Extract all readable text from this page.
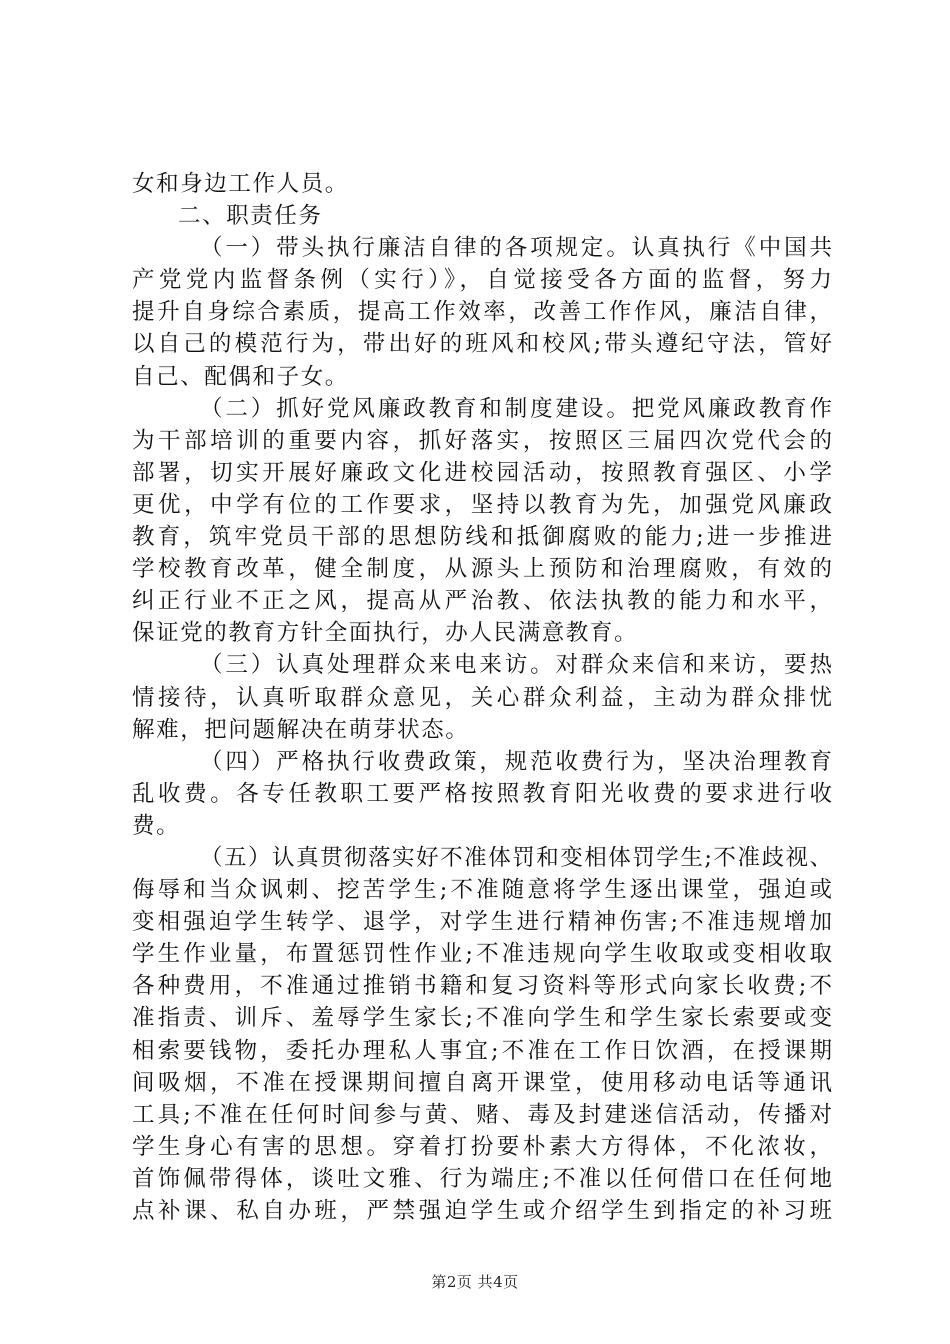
女和身边工作人员。
二、职责任务
（一）带头执行廉洁自律的各项规定。认真执行《中国共
产党党内监督条例（实行）》，自觉接受各方面的监督，努力
提升自身综合素质，提高工作效率，改善工作作风，廉洁自律，
以自己的模范行为，带出好的班风和校风;带头遵纪守法，管好
自己、配偶和子女。
（二）抓好党风廉政教育和制度建设。把党风廉政教育作
为干部培训的重要内容，抓好落实，按照区三届四次党代会的
部署，切实开展好廉政文化进校园活动，按照教育强区、小学
更优，中学有位的工作要求，坚持以教育为先，加强党风廉政
教育，筑牢党员干部的思想防线和抵御腐败的能力;进一步推进
学校教育改革，健全制度，从源头上预防和治理腐败，有效的
纠正行业不正之风，提高从严治教、依法执教的能力和水平，
保证党的教育方针全面执行，办人民满意教育。
（三）认真处理群众来电来访。对群众来信和来访，要热
情接待，认真听取群众意见，关心群众利益，主动为群众排忧
解难，把问题解决在萌芽状态。
（四）严格执行收费政策，规范收费行为，坚决治理教育
乱收费。各专任教职工要严格按照教育阳光收费的要求进行收
费。
（五）认真贯彻落实好不准体罚和变相体罚学生;不准歧视、
侮辱和当众讽刺、挖苦学生;不准随意将学生逐出课堂，强迫或
变相强迫学生转学、退学，对学生进行精神伤害;不准违规增加
学生作业量，布置惩罚性作业;不准违规向学生收取或变相收取
各种费用，不准通过推销书籍和复习资料等形式向家长收费;不
准指责、训斥、羞辱学生家长;不准向学生和学生家长索要或变
相索要钱物，委托办理私人事宜;不准在工作日饮酒，在授课期
间吸烟，不准在授课期间擅自离开课堂，使用移动电话等通讯
工具;不准在任何时间参与黄、赌、毒及封建迷信活动，传播对
学生身心有害的思想。穿着打扮要朴素大方得体，不化浓妆，
首饰佩带得体，谈吐文雅、行为端庄;不准以任何借口在任何地
点补课、私自办班，严禁强迫学生或介绍学生到指定的补习班
第2页 共4页
